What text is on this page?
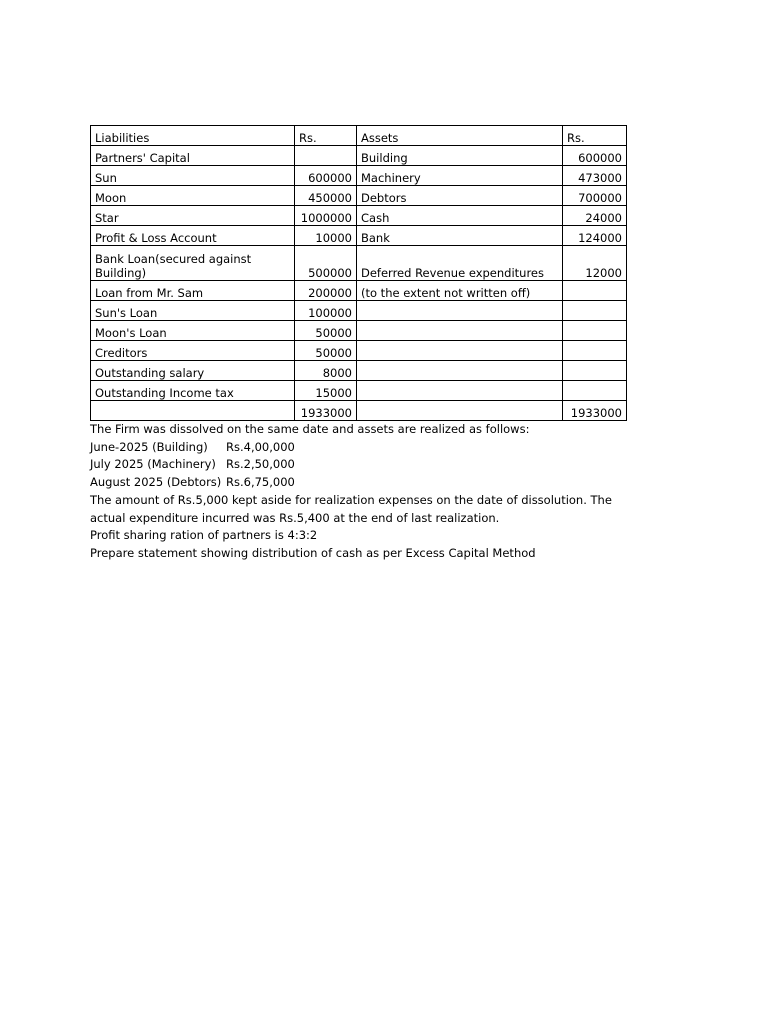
Liabilities	Rs.	Assets	Rs.
Partners' Capital		Building	600000
Sun	600000	Machinery	473000
Moon	450000	Debtors	700000
Star	1000000	Cash	24000
Profit & Loss Account	10000	Bank	124000
Bank Loan(secured against Building)	500000	Deferred Revenue expenditures	12000
Loan from Mr. Sam	200000	(to the extent not written off)	
Sun's Loan	100000		
Moon's Loan	50000		
Creditors	50000		
Outstanding salary	8000		
Outstanding Income tax	15000		
	1933000		1933000
The Firm was dissolved on the same date and assets are realized as follows:
June-2025 (Building) Rs.4,00,000
July 2025 (Machinery) Rs.2,50,000
August 2025 (Debtors) Rs.6,75,000
The amount of Rs.5,000 kept aside for realization expenses on the date of dissolution. The actual expenditure incurred was Rs.5,400 at the end of last realization.
Profit sharing ration of partners is 4:3:2
Prepare statement showing distribution of cash as per Excess Capital Method
